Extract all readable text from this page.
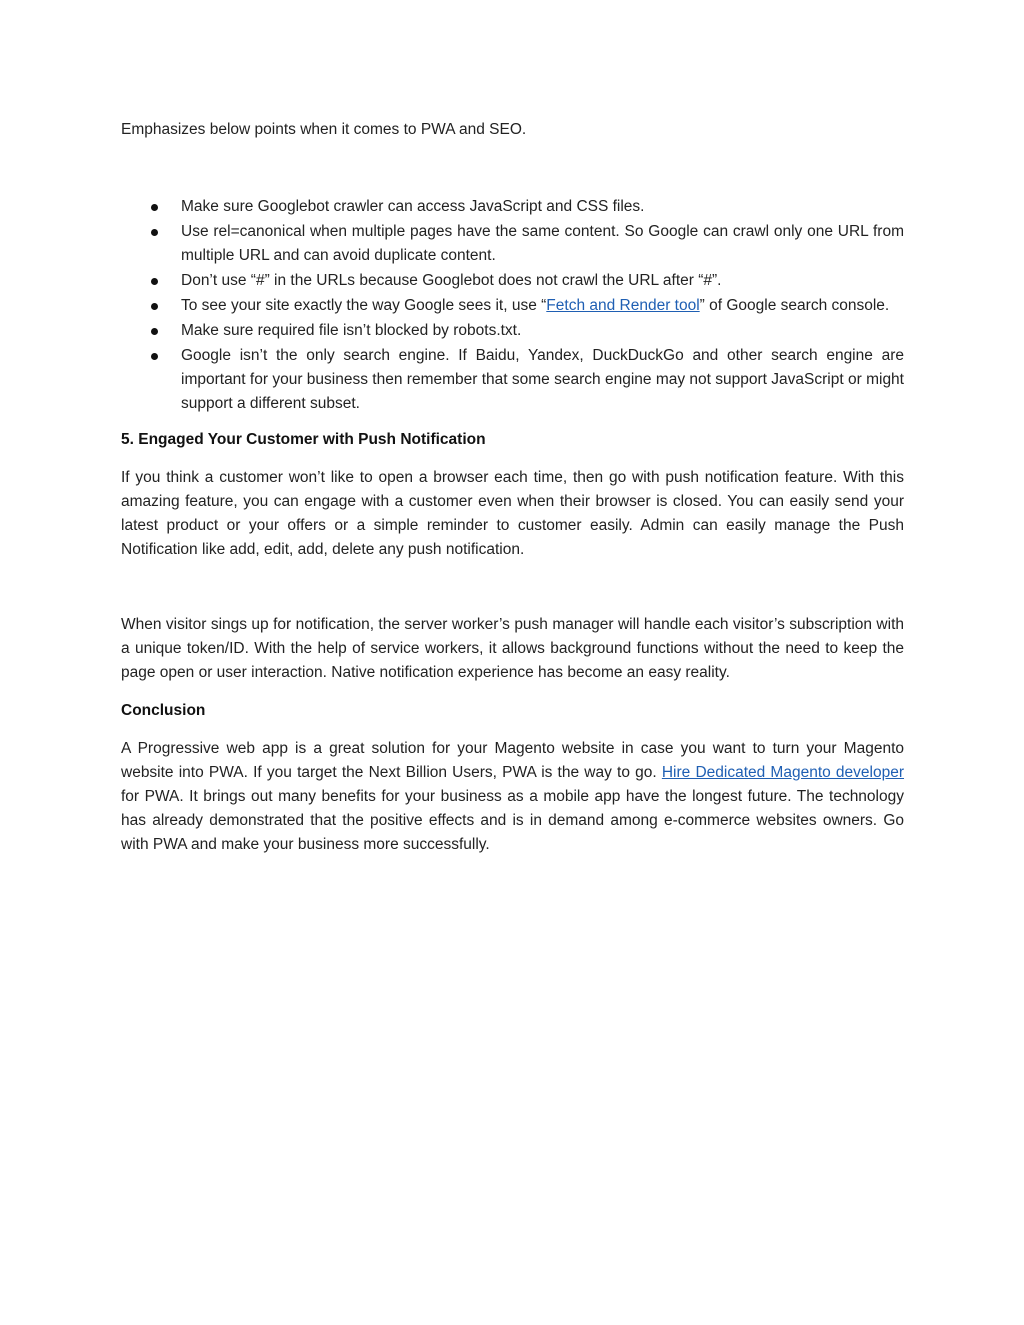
Emphasizes below points when it comes to PWA and SEO.

Make sure Googlebot crawler can access JavaScript and CSS files.
Use rel=canonical when multiple pages have the same content. So Google can crawl only one URL from multiple URL and can avoid duplicate content.
Don’t use “#” in the URLs because Googlebot does not crawl the URL after “#”.
To see your site exactly the way Google sees it, use “Fetch and Render tool” of Google search console.
Make sure required file isn’t blocked by robots.txt.
Google isn’t the only search engine. If Baidu, Yandex, DuckDuckGo and other search engine are important for your business then remember that some search engine may not support JavaScript or might support a different subset.
5. Engaged Your Customer with Push Notification

If you think a customer won’t like to open a browser each time, then go with push notification feature. With this amazing feature, you can engage with a customer even when their browser is closed. You can easily send your latest product or your offers or a simple reminder to customer easily. Admin can easily manage the Push Notification like add, edit, add, delete any push notification.

When visitor sings up for notification, the server worker’s push manager will handle each visitor’s subscription with a unique token/ID. With the help of service workers, it allows background functions without the need to keep the page open or user interaction. Native notification experience has become an easy reality.

Conclusion

A Progressive web app is a great solution for your Magento website in case you want to turn your Magento website into PWA. If you target the Next Billion Users, PWA is the way to go. Hire Dedicated Magento developer for PWA. It brings out many benefits for your business as a mobile app have the longest future. The technology has already demonstrated that the positive effects and is in demand among e-commerce websites owners. Go with PWA and make your business more successfully.
